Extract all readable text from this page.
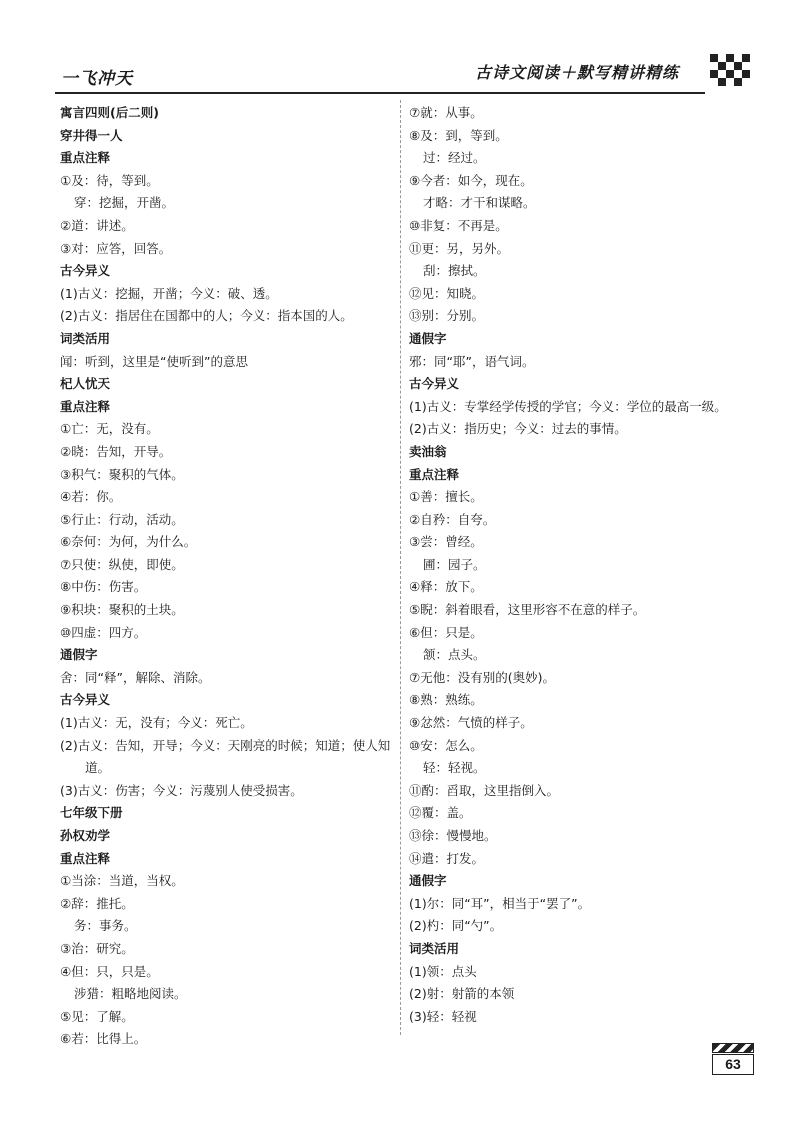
一飞冲天	古诗文阅读＋默写精讲精练
寓言四则(后二则)
穿井得一人
重点注释
①及：待，等到。
穿：挖掘，开凿。
②道：讲述。
③对：应答，回答。
古今异义
(1)古义：挖掘，开凿；今义：破、透。
(2)古义：指居住在国都中的人；今义：指本国的人。
词类活用
闻：听到，这里是“使听到”的意思
杞人忧天
重点注释
①亡：无，没有。
②晓：告知，开导。
③积气：聚积的气体。
④若：你。
⑤行止：行动，活动。
⑥奈何：为何，为什么。
⑦只使：纵使，即使。
⑧中伤：伤害。
⑨积块：聚积的土块。
⑩四虚：四方。
通假字
舍：同“释”，解除、消除。
古今异义
(1)古义：无，没有；今义：死亡。
(2)古义：告知，开导；今义：天刚亮的时候；知道；使人知道。
(3)古义：伤害；今义：污蔑别人使受损害。
七年级下册
孙权劝学
重点注释
①当涂：当道，当权。
②辞：推托。
务：事务。
③治：研究。
④但：只，只是。
涉猎：粗略地阅读。
⑤见：了解。
⑥若：比得上。
⑦就：从事。
⑧及：到，等到。
过：经过。
⑨今者：如今，现在。
才略：才干和谋略。
⑩非复：不再是。
⑪更：另，另外。
刮：擦拭。
⑫见：知晓。
⑬别：分别。
通假字
邪：同“耶”，语气词。
古今异义
(1)古义：专掌经学传授的学官；今义：学位的最高一级。
(2)古义：指历史；今义：过去的事情。
卖油翁
重点注释
①善：擅长。
②自矜：自夸。
③尝：曾经。
圃：园子。
④释：放下。
⑤睨：斜着眼看，这里形容不在意的样子。
⑥但：只是。
颔：点头。
⑦无他：没有别的(奥妙)。
⑧熟：熟练。
⑨忿然：气愤的样子。
⑩安：怎么。
轻：轻视。
⑪酌：舀取，这里指倒入。
⑫覆：盖。
⑬徐：慢慢地。
⑭遣：打发。
通假字
(1)尔：同“耳”，相当于“罢了”。
(2)杓：同“勺”。
词类活用
(1)领：点头
(2)射：射箭的本领
(3)轻：轻视
63
